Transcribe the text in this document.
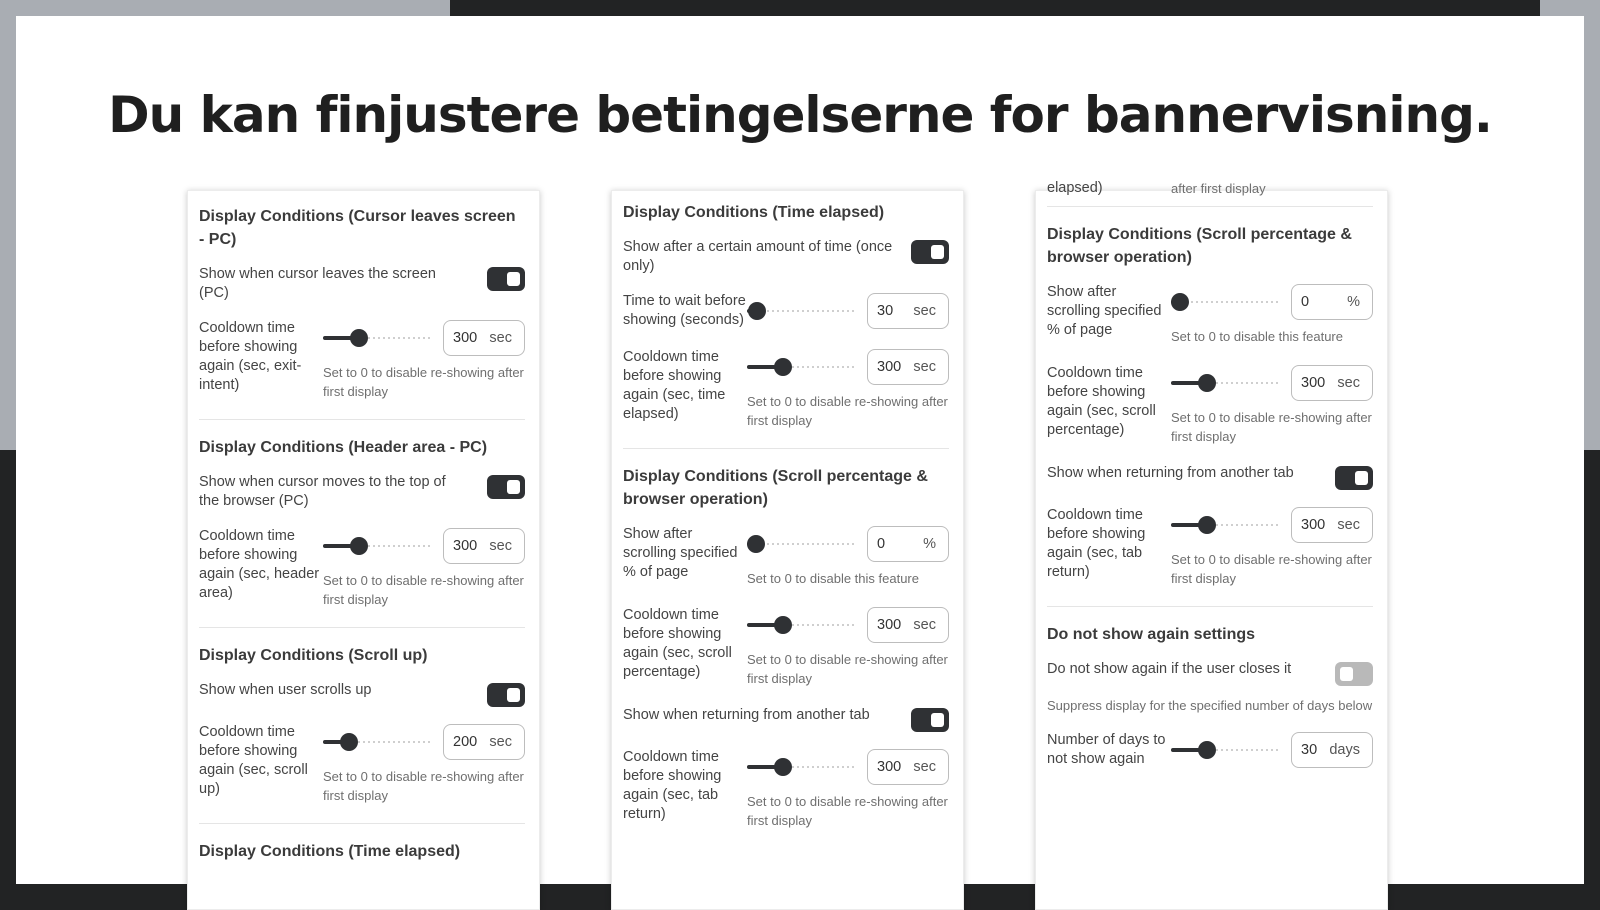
Du kan finjustere betingelserne for bannervisning.
Display Conditions (Cursor leaves screen - PC)
Show when cursor leaves the screen (PC)
Cooldown time before showing again (sec, exit-intent)
300 sec
Set to 0 to disable re-showing after first display
Display Conditions (Header area - PC)
Show when cursor moves to the top of the browser (PC)
Cooldown time before showing again (sec, header area)
300 sec
Set to 0 to disable re-showing after first display
Display Conditions (Scroll up)
Show when user scrolls up
Cooldown time before showing again (sec, scroll up)
200 sec
Set to 0 to disable re-showing after first display
Display Conditions (Time elapsed)
Display Conditions (Time elapsed)
Show after a certain amount of time (once only)
Time to wait before showing (seconds)
30 sec
Cooldown time before showing again (sec, time elapsed)
300 sec
Set to 0 to disable re-showing after first display
Display Conditions (Scroll percentage & browser operation)
Show after scrolling specified % of page
0	%
Set to 0 to disable this feature
Cooldown time before showing again (sec, scroll percentage)
300 sec
Set to 0 to disable re-showing after first display
Show when returning from another tab
Cooldown time before showing again (sec, tab return)
300 sec
Set to 0 to disable re-showing after first display
elapsed)	after first display
Display Conditions (Scroll percentage & browser operation)
Show after scrolling specified % of page
0	%
Set to 0 to disable this feature
Cooldown time before showing again (sec, scroll percentage)
300 sec
Set to 0 to disable re-showing after first display
Show when returning from another tab
Cooldown time before showing again (sec, tab return)
300 sec
Set to 0 to disable re-showing after first display
Do not show again settings
Do not show again if the user closes it
Suppress display for the specified number of days below
Number of days to not show again
30 days
